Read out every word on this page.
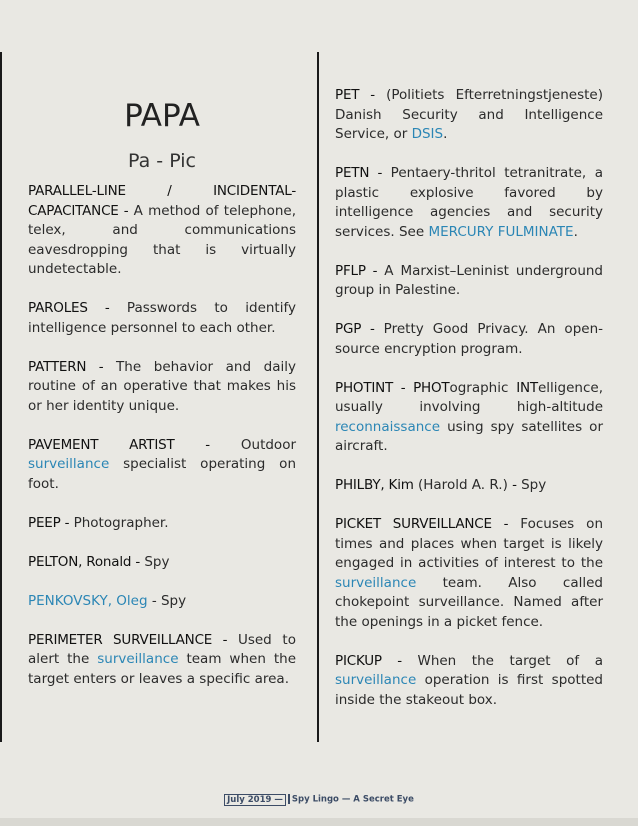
PAPA
Pa - Pic

PARALLEL-LINE / INCIDENTAL-CAPACITANCE - A method of telephone, telex, and communications eavesdropping that is virtually undetectable.

PAROLES - Passwords to identify intelligence personnel to each other.

PATTERN - The behavior and daily routine of an operative that makes his or her identity unique.

PAVEMENT ARTIST - Outdoor surveillance specialist operating on foot.

PEEP - Photographer.

PELTON, Ronald - Spy

PENKOVSKY, Oleg - Spy

PERIMETER SURVEILLANCE - Used to alert the surveillance team when the target enters or leaves a specific area.

PET - (Politiets Efterretningstjeneste) Danish Security and Intelligence Service, or DSIS.

PETN - Pentaery-thritol tetranitrate, a plastic explosive favored by intelligence agencies and security services. See MERCURY FULMINATE.

PFLP - A Marxist–Leninist underground group in Palestine.

PGP - Pretty Good Privacy. An open-source encryption program.

PHOTINT - PHOTographic INTelligence, usually involving high-altitude reconnaissance using spy satellites or aircraft.

PHILBY, Kim (Harold A. R.) - Spy

PICKET SURVEILLANCE - Focuses on times and places when target is likely engaged in activities of interest to the surveillance team. Also called chokepoint surveillance. Named after the openings in a picket fence.

PICKUP - When the target of a surveillance operation is first spotted inside the stakeout box.

July 2019 — Spy Lingo — A Secret Eye
